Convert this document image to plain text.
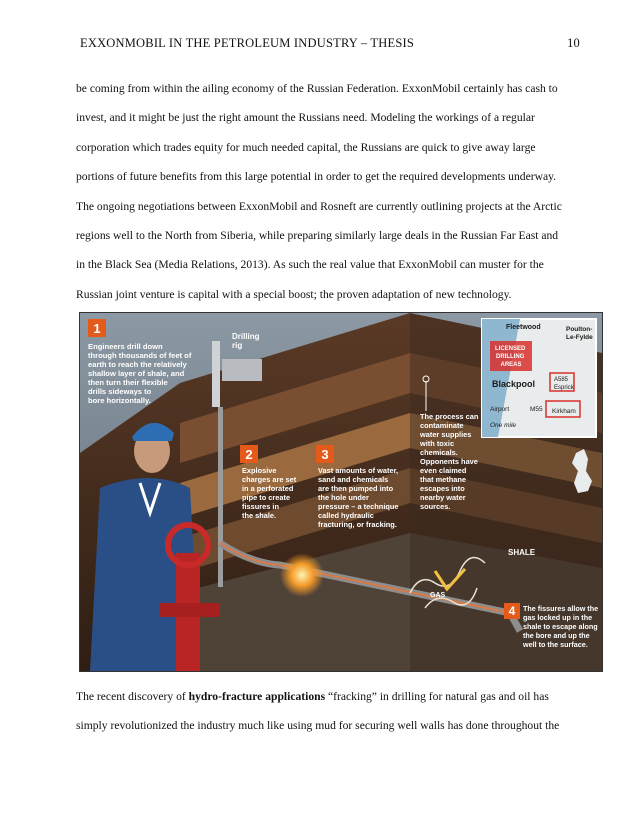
EXXONMOBIL IN THE PETROLEUM INDUSTRY – THESIS	10

be coming from within the ailing economy of the Russian Federation. ExxonMobil certainly has cash to
invest, and it might be just the right amount the Russians need. Modeling the workings of a regular
corporation which trades equity for much needed capital, the Russians are quick to give away large
portions of future benefits from this large potential in order to get the required developments underway.
The ongoing negotiations between ExxonMobil and Rosneft are currently outlining projects at the Arctic
regions well to the North from Siberia, while preparing similarly large deals in the Russian Far East and
in the Black Sea (Media Relations, 2013). As such the real value that ExxonMobil can muster for the
Russian joint venture is capital with a special boost; the proven adaptation of new technology.

1
Engineers drill down through thousands of feet of earth to reach the relatively shallow layer of shale, and then turn their flexible drills sideways to bore horizontally.
Drilling rig
2
Explosive charges are set in a perforated pipe to create fissures in the shale.
3
Vast amounts of water, sand and chemicals are then pumped into the hole under pressure – a technique called hydraulic fracturing, or fracking.
The process can contaminate water supplies with toxic chemicals. Opponents have even claimed that methane escapes into nearby water sources.
SHALE
GAS
4 The fissures allow the gas locked up in the shale to escape along the bore and up the well to the surface.
Fleetwood	Poulton- Le-Fylde
LICENSED DRILLING AREAS
Blackpool	A585
Esprick
Airport	M55 Kirkham
One mile

The recent discovery of hydro-fracture applications “fracking” in drilling for natural gas and oil has
simply revolutionized the industry much like using mud for securing well walls has done throughout the
